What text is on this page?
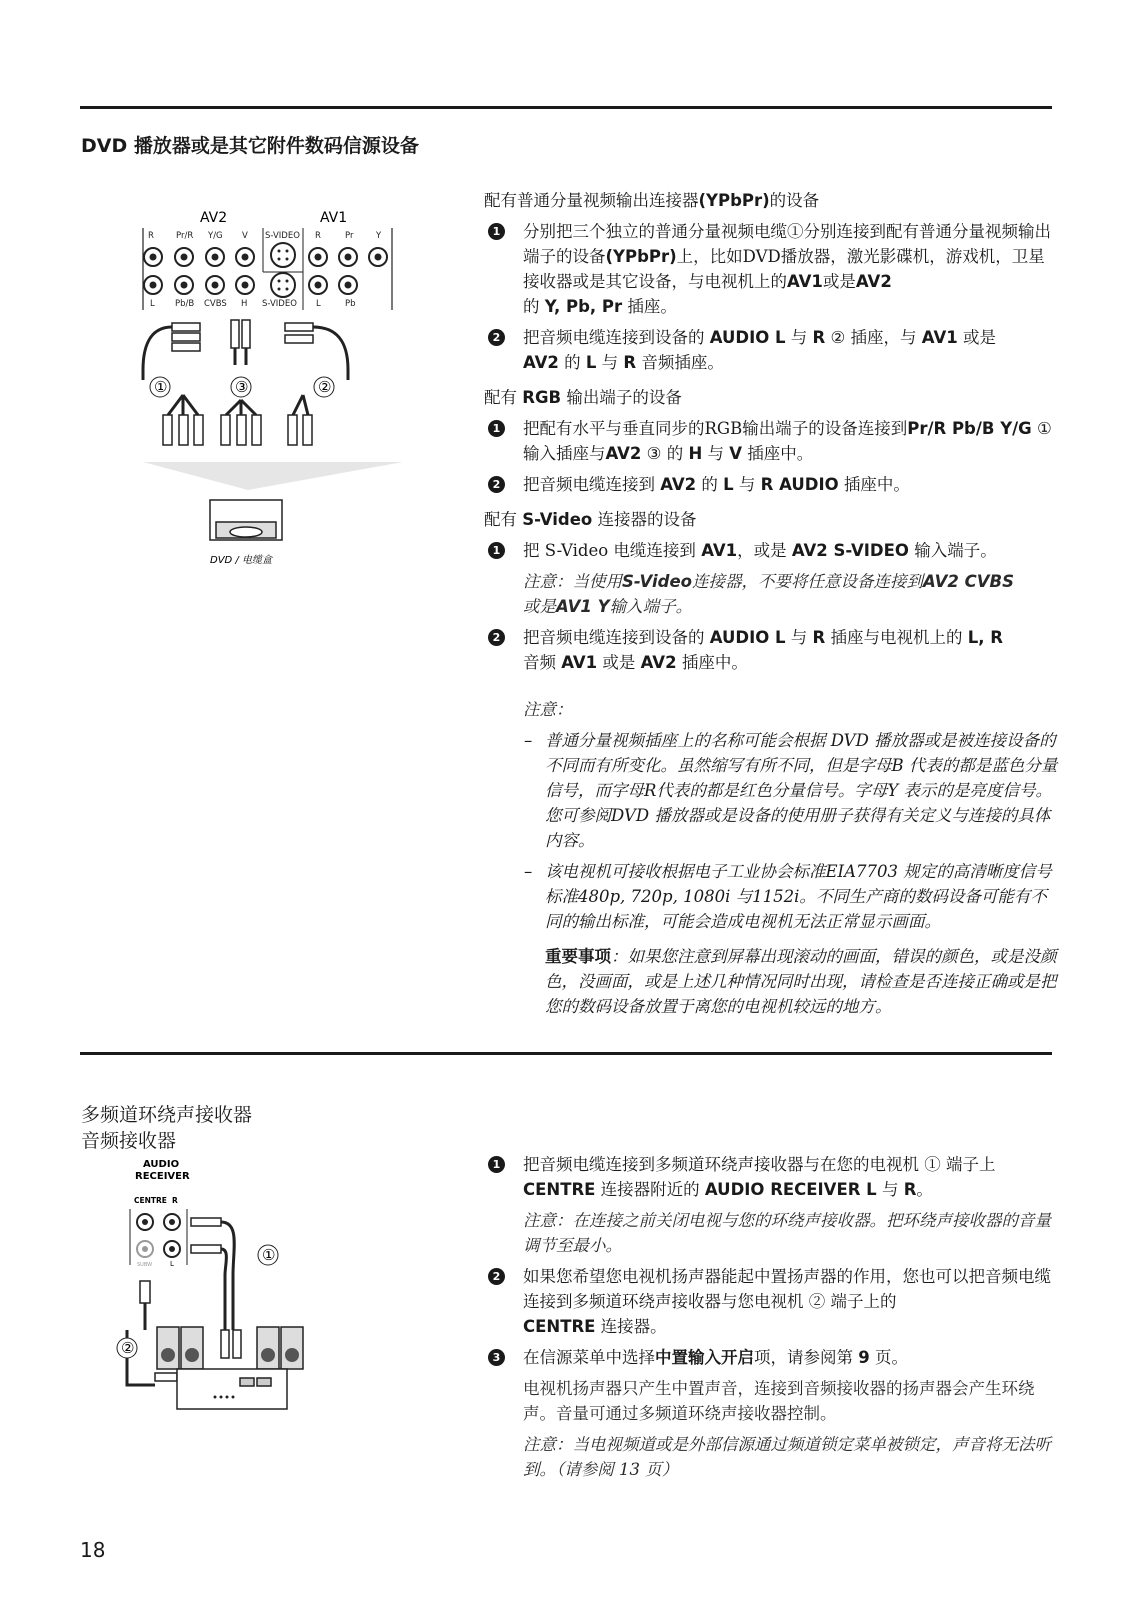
DVD 播放器或是其它附件数码信源设备
AV2	AV1
R	Pr/R Y/G V S-VIDEO R	Pr	Y
L Pb/B CVBS H S-VIDEO L	Pb
①	③	②
DVD / 电缆盒
配有普通分量视频输出连接器(YPbPr)的设备
1 分别把三个独立的普通分量视频电缆①分别连接到配有普通分量视频输出端子的设备(YPbPr)上，比如DVD播放器，激光影碟机，游戏机，卫星接收器或是其它设备，与电视机上的AV1或是AV2
的 Y, Pb, Pr 插座。
2 把音频电缆连接到设备的 AUDIO L 与 R ② 插座，与 AV1 或是
AV2 的 L 与 R 音频插座。
配有 RGB 输出端子的设备
1 把配有水平与垂直同步的RGB输出端子的设备连接到Pr/R Pb/B Y/G ① 输入插座与AV2 ③ 的 H 与 V 插座中。
2 把音频电缆连接到 AV2 的 L 与 R AUDIO 插座中。
配有 S-Video 连接器的设备
1 把 S-Video 电缆连接到 AV1，或是 AV2 S-VIDEO 输入端子。
注意：当使用S-Video连接器，不要将任意设备连接到AV2 CVBS
或是AV1 Y输入端子。
2 把音频电缆连接到设备的 AUDIO L 与 R 插座与电视机上的 L, R
音频 AV1 或是 AV2 插座中。
注意：
– 普通分量视频插座上的名称可能会根据 DVD 播放器或是被连接设备的不同而有所变化。虽然缩写有所不同，但是字母B 代表的都是蓝色分量信号，而字母R代表的都是红色分量信号。字母Y 表示的是亮度信号。您可参阅DVD 播放器或是设备的使用册子获得有关定义与连接的具体内容。
– 该电视机可接收根据电子工业协会标准EIA7703 规定的高清晰度信号标准480p, 720p, 1080i 与1152i。不同生产商的数码设备可能有不同的输出标准，可能会造成电视机无法正常显示画面。
重要事项：如果您注意到屏幕出现滚动的画面，错误的颜色，或是没颜色，没画面，或是上述几种情况同时出现，请检查是否连接正确或是把您的数码设备放置于离您的电视机较远的地方。
多频道环绕声接收器
音频接收器
AUDIO
RECEIVER
CENTRE R
SUBW	L	①
②
1 把音频电缆连接到多频道环绕声接收器与在您的电视机 ① 端子上 CENTRE 连接器附近的 AUDIO RECEIVER L 与 R。
注意：在连接之前关闭电视与您的环绕声接收器。把环绕声接收器的音量调节至最小。
2 如果您希望您电视机扬声器能起中置扬声器的作用，您也可以把音频电缆连接到多频道环绕声接收器与您电视机 ② 端子上的
CENTRE 连接器。
3 在信源菜单中选择中置输入开启项，请参阅第 9 页。
电视机扬声器只产生中置声音，连接到音频接收器的扬声器会产生环绕声。音量可通过多频道环绕声接收器控制。
注意：当电视频道或是外部信源通过频道锁定菜单被锁定，声音将无法听到。（请参阅 13 页）
18
